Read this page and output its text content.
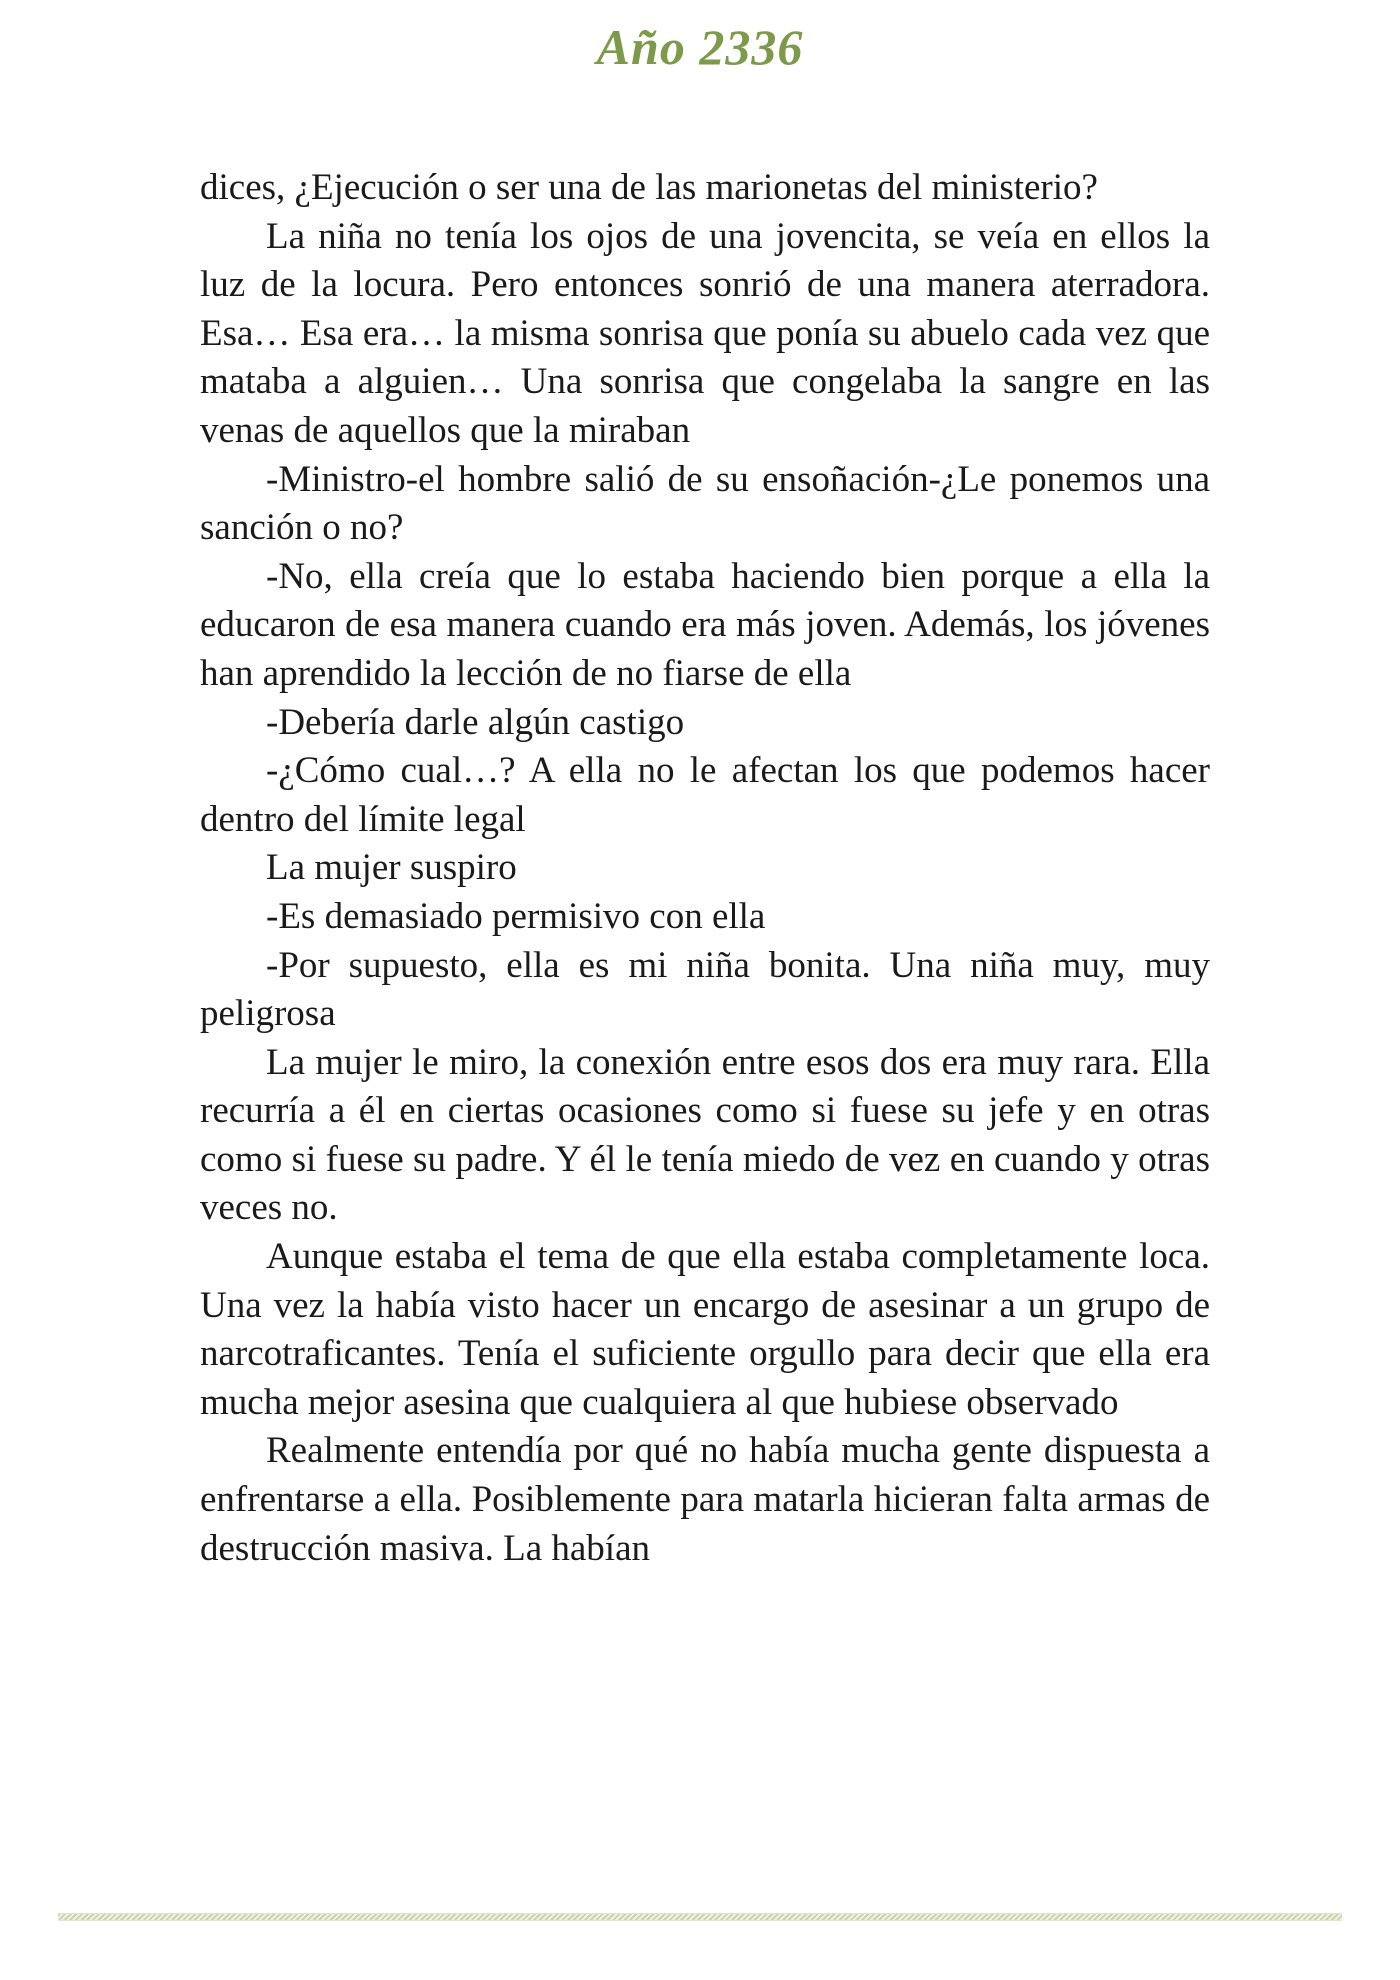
Año 2336

dices, ¿Ejecución o ser una de las marionetas del ministerio?

La niña no tenía los ojos de una jovencita, se veía en ellos la luz de la locura. Pero entonces sonrió de una manera aterradora. Esa… Esa era… la misma sonrisa que ponía su abuelo cada vez que mataba a alguien… Una sonrisa que congelaba la sangre en las venas de aquellos que la miraban

-Ministro-el hombre salió de su ensoñación-¿Le ponemos una sanción o no?

-No, ella creía que lo estaba haciendo bien porque a ella la educaron de esa manera cuando era más joven. Además, los jóvenes han aprendido la lección de no fiarse de ella

-Debería darle algún castigo

-¿Cómo cual…? A ella no le afectan los que podemos hacer dentro del límite legal

La mujer suspiro

-Es demasiado permisivo con ella

-Por supuesto, ella es mi niña bonita. Una niña muy, muy peligrosa

La mujer le miro, la conexión entre esos dos era muy rara. Ella recurría a él en ciertas ocasiones como si fuese su jefe y en otras como si fuese su padre. Y él le tenía miedo de vez en cuando y otras veces no.

Aunque estaba el tema de que ella estaba completamente loca. Una vez la había visto hacer un encargo de asesinar a un grupo de narcotraficantes. Tenía el suficiente orgullo para decir que ella era mucha mejor asesina que cualquiera al que hubiese observado

Realmente entendía por qué no había mucha gente dispuesta a enfrentarse a ella. Posiblemente para matarla hicieran falta armas de destrucción masiva. La habían
